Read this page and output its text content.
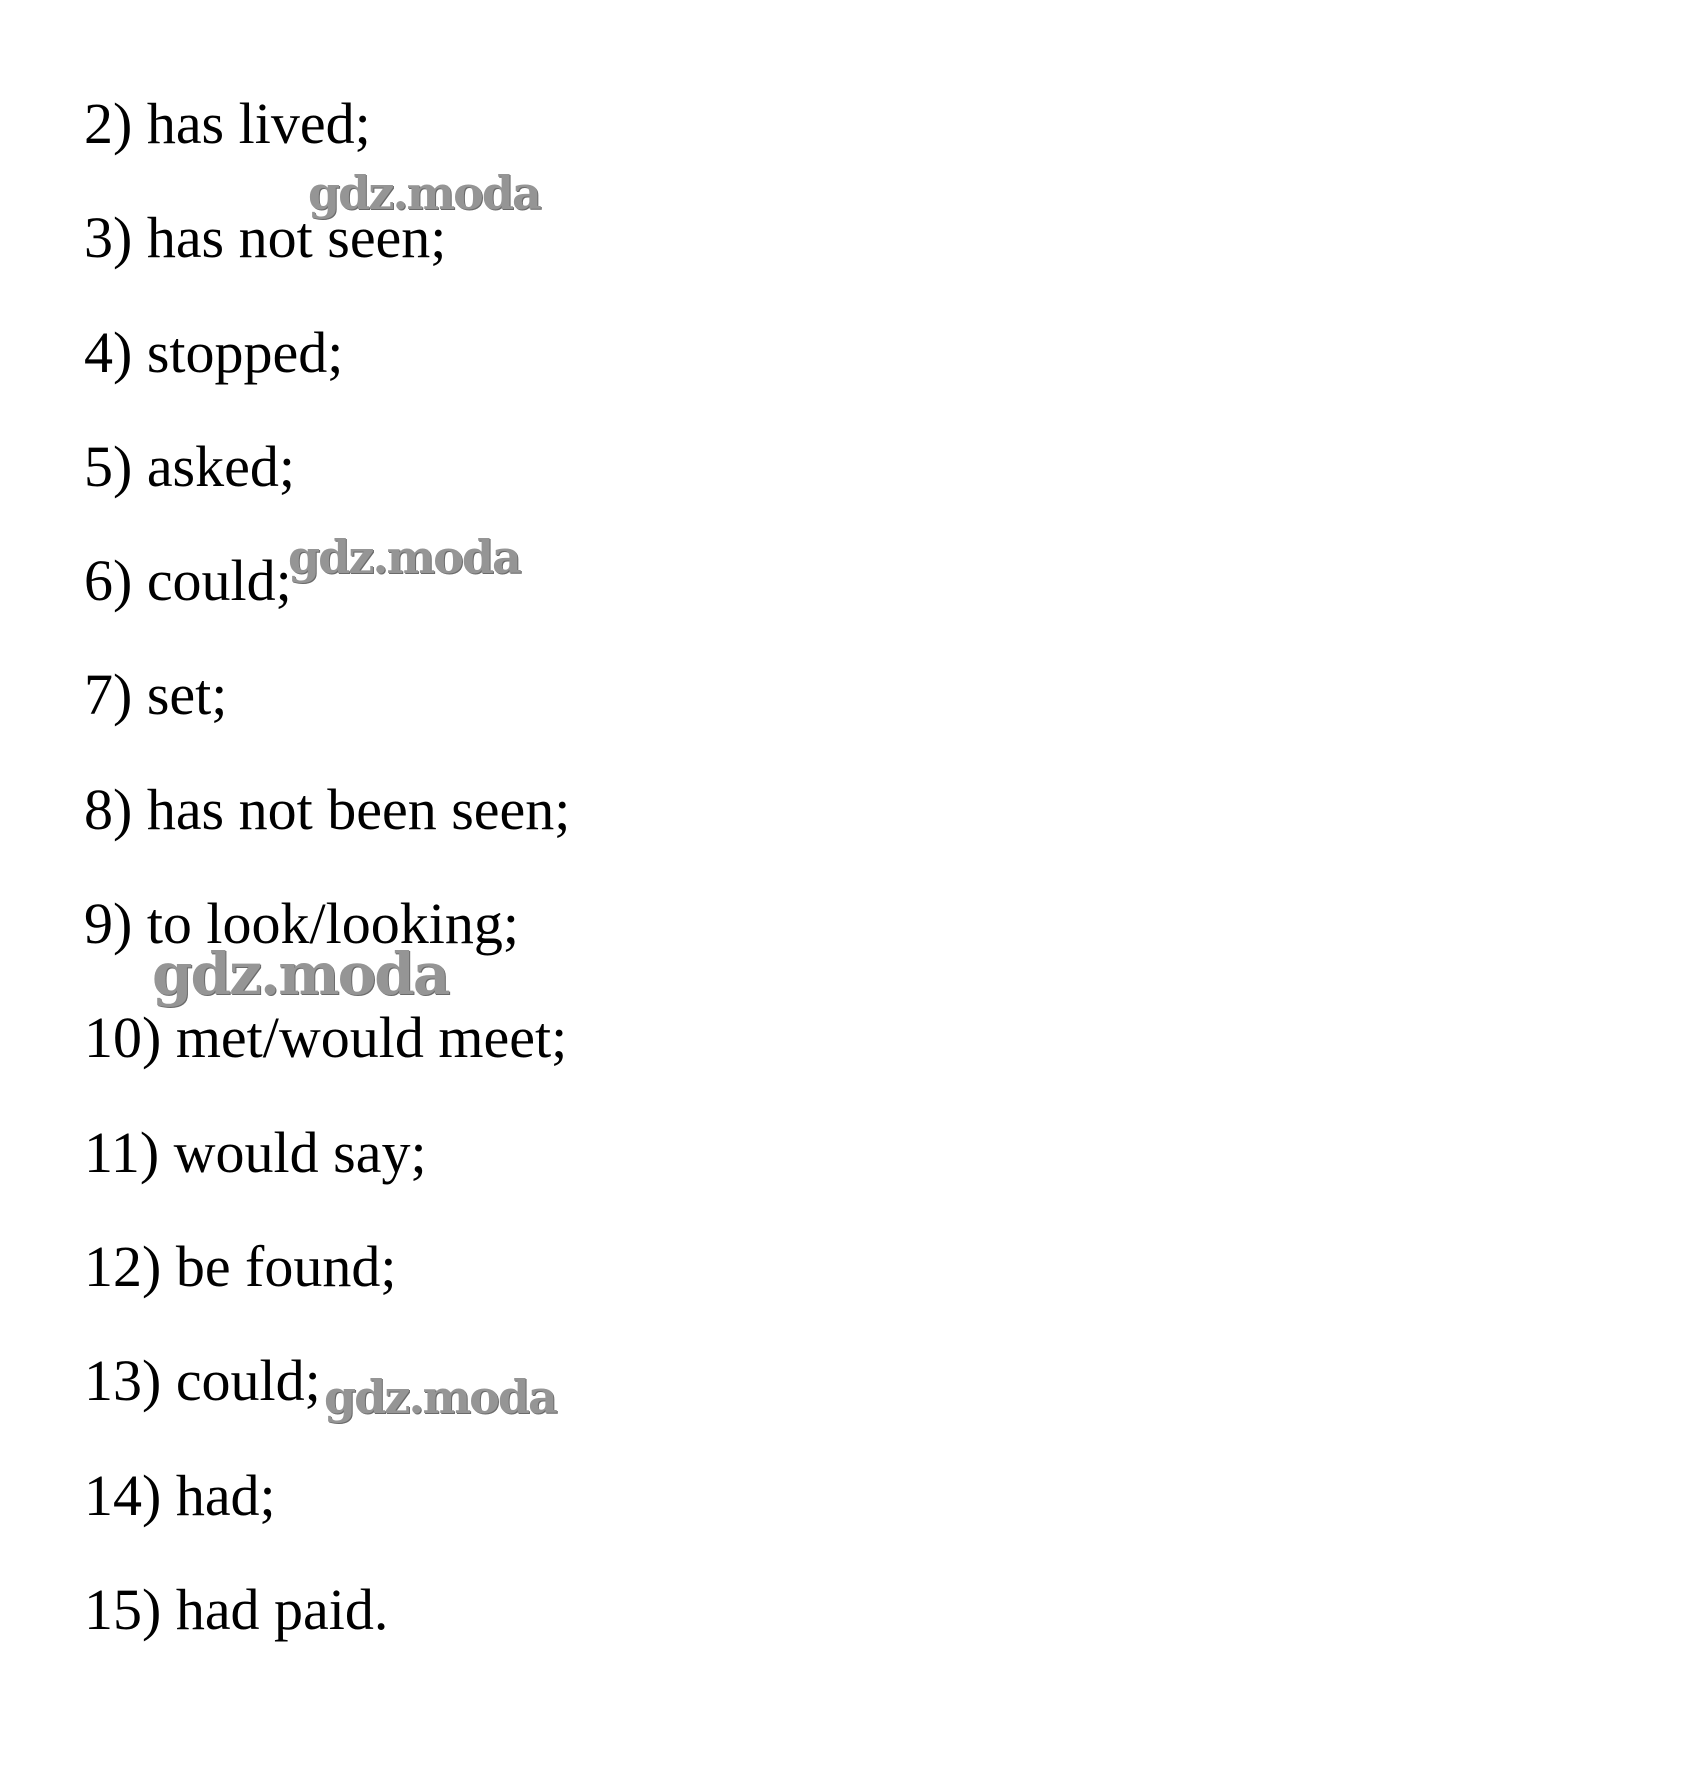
2) has lived;
3) has not seen;
4) stopped;
5) asked;
6) could;
7) set;
8) has not been seen;
9) to look/looking;
10) met/would meet;
11) would say;
12) be found;
13) could;
14) had;
15) had paid.
gdz.moda
gdz.moda
gdz.moda
gdz.moda
